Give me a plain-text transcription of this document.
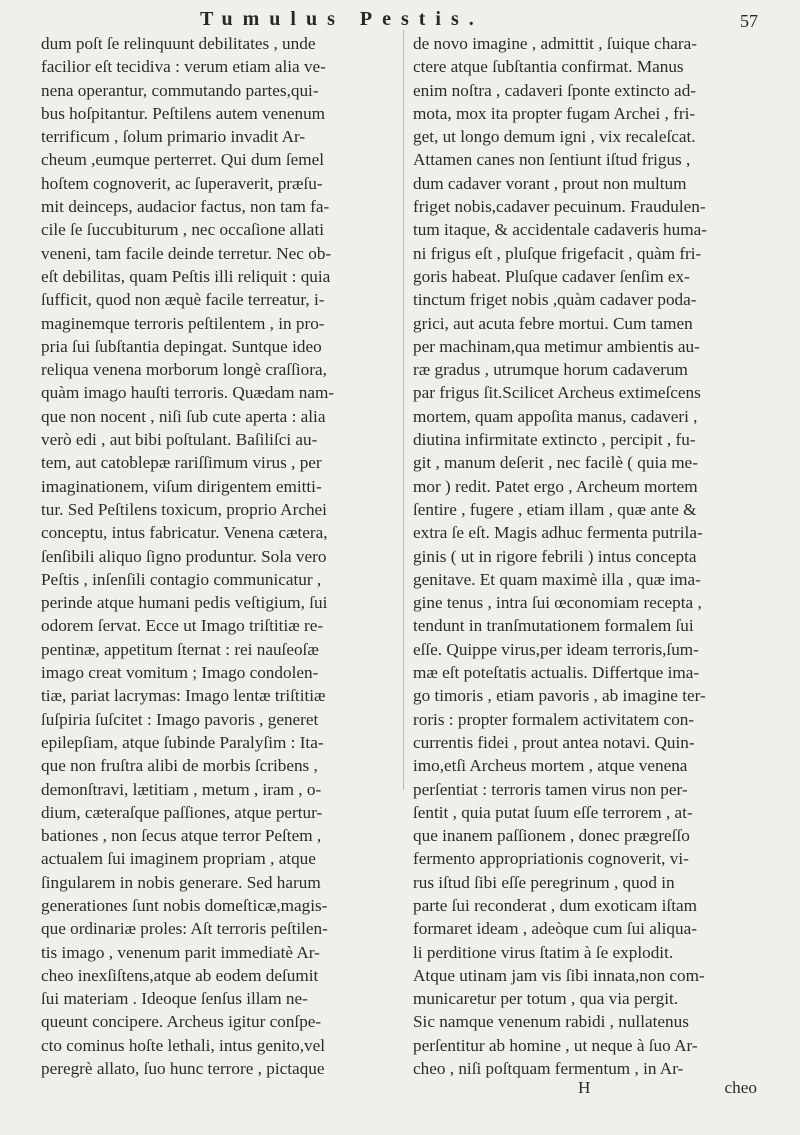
Tumulus Pestis.	57
dum poſt ſe relinquunt debilitates , unde
facilior eſt tecidiva : verum etiam alia ve-
nena operantur, commutando partes,qui-
bus hoſpitantur. Peſtilens autem venenum
terrificum , ſolum primario invadit Ar-
cheum ,eumque perterret. Qui dum ſemel
hoſtem cognoverit, ac ſuperaverit, præſu-
mit deinceps, audacior factus, non tam fa-
cile ſe ſuccubiturum , nec occaſione allati
veneni, tam facile deinde terretur. Nec ob-
eſt debilitas, quam Peſtis illi reliquit : quia
ſufficit, quod non æquè facile terreatur, i-
maginemque terroris peſtilentem , in pro-
pria ſui ſubſtantia depingat. Suntque ideo
reliqua venena morborum longè craſſiora,
quàm imago hauſti terroris. Quædam nam-
que non nocent , niſi ſub cute aperta : alia
verò edi , aut bibi poſtulant. Baſiliſci au-
tem, aut catoblepæ rariſſimum virus , per
imaginationem, viſum dirigentem emitti-
tur. Sed Peſtilens toxicum, proprio Archei
conceptu, intus fabricatur. Venena cætera,
ſenſibili aliquo ſigno produntur. Sola vero
Peſtis , inſenſili contagio communicatur ,
perinde atque humani pedis veſtigium, ſui
odorem ſervat. Ecce ut Imago triſtitiæ re-
pentinæ, appetitum ſternat : rei nauſeoſæ
imago creat vomitum ; Imago condolen-
tiæ, pariat lacrymas: Imago lentæ triſtitiæ
ſuſpiria ſuſcitet : Imago pavoris , generet
epilepſiam, atque ſubinde Paralyſim : Ita-
que non fruſtra alibi de morbis ſcribens ,
demonſtravi, lætitiam , metum , iram , o-
dium, cæteraſque paſſiones, atque pertur-
bationes , non ſecus atque terror Peſtem ,
actualem ſui imaginem propriam , atque
ſingularem in nobis generare. Sed harum
generationes ſunt nobis domeſticæ,magis-
que ordinariæ proles: Aſt terroris peſtilen-
tis imago , venenum parit immediatè Ar-
cheo inexſiſtens,atque ab eodem deſumit
ſui materiam . Ideoque ſenſus illam ne-
queunt concipere. Archeus igitur conſpe-
cto cominus hoſte lethali, intus genito,vel
peregrè allato, ſuo hunc terrore , pictaque
de novo imagine , admittit , ſuique chara-
ctere atque ſubſtantia confirmat. Manus
enim noſtra , cadaveri ſponte extincto ad-
mota, mox ita propter fugam Archei , fri-
get, ut longo demum igni , vix recaleſcat.
Attamen canes non ſentiunt iſtud frigus ,
dum cadaver vorant , prout non multum
friget nobis,cadaver pecuinum. Fraudulen-
tum itaque, & accidentale cadaveris huma-
ni frigus eſt , pluſque frigefacit , quàm fri-
goris habeat. Pluſque cadaver ſenſim ex-
tinctum friget nobis ,quàm cadaver poda-
grici, aut acuta febre mortui. Cum tamen
per machinam,qua metimur ambientis au-
ræ gradus , utrumque horum cadaverum
par frigus ſit.Scilicet Archeus extimeſcens
mortem, quam appoſita manus, cadaveri ,
diutina infirmitate extincto , percipit , fu-
git , manum deſerit , nec facilè ( quia me-
mor ) redit. Patet ergo , Archeum mortem
ſentire , fugere , etiam illam , quæ ante &
extra ſe eſt. Magis adhuc fermenta putrila-
ginis ( ut in rigore febrili ) intus concepta
genitave. Et quam maximè illa , quæ ima-
gine tenus , intra ſui œconomiam recepta ,
tendunt in tranſmutationem formalem ſui
eſſe. Quippe virus,per ideam terroris,ſum-
mæ eſt poteſtatis actualis. Differtque ima-
go timoris , etiam pavoris , ab imagine ter-
roris : propter formalem activitatem con-
currentis fidei , prout antea notavi. Quin-
imo,etſi Archeus mortem , atque venena
perſentiat : terroris tamen virus non per-
ſentit , quia putat ſuum eſſe terrorem , at-
que inanem paſſionem , donec prægreſſo
fermento appropriationis cognoverit, vi-
rus iſtud ſibi eſſe peregrinum , quod in
parte ſui reconderat , dum exoticam iſtam
formaret ideam , adeòque cum ſui aliqua-
li perditione virus ſtatim à ſe explodit.
Atque utinam jam vis ſibi innata,non com-
municaretur per totum , qua via pergit.
Sic namque venenum rabidi , nullatenus
perſentitur ab homine , ut neque à ſuo Ar-
cheo , niſi poſtquam fermentum , in Ar-
H	cheo
